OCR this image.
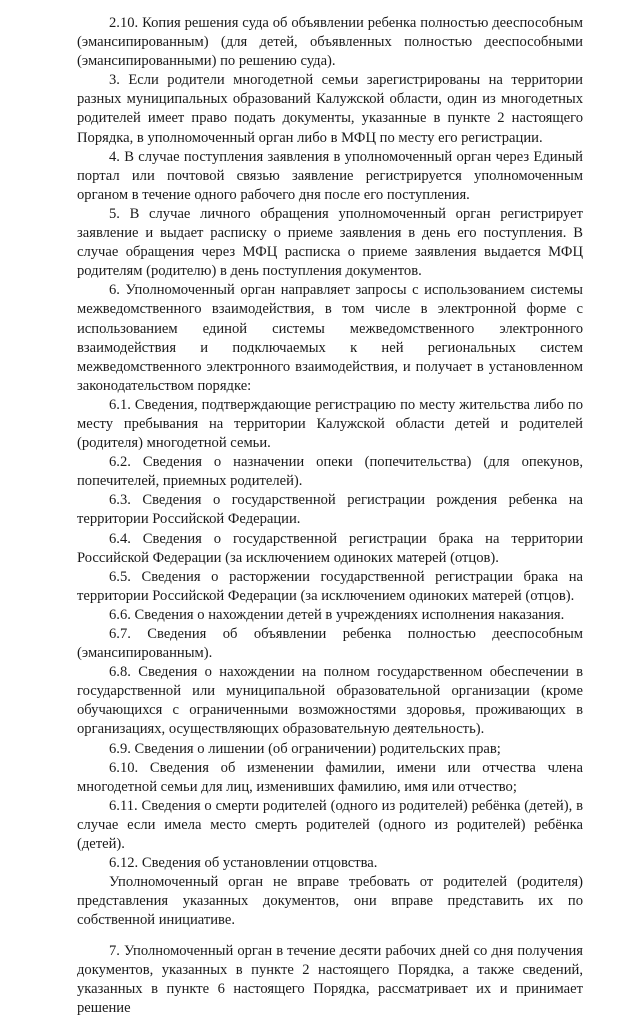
2.10. Копия решения суда об объявлении ребенка полностью дееспособным (эмансипированным) (для детей, объявленных полностью дееспособными (эмансипированными) по решению суда).

3. Если родители многодетной семьи зарегистрированы на территории разных муниципальных образований Калужской области, один из многодетных родителей имеет право подать документы, указанные в пункте 2 настоящего Порядка, в уполномоченный орган либо в МФЦ по месту его регистрации.

4. В случае поступления заявления в уполномоченный орган через Единый портал или почтовой связью заявление регистрируется уполномоченным органом в течение одного рабочего дня после его поступления.

5. В случае личного обращения уполномоченный орган регистрирует заявление и выдает расписку о приеме заявления в день его поступления. В случае обращения через МФЦ расписка о приеме заявления выдается МФЦ родителям (родителю) в день поступления документов.

6. Уполномоченный орган направляет запросы с использованием системы межведомственного взаимодействия, в том числе в электронной форме с использованием единой системы межведомственного электронного взаимодействия и подключаемых к ней региональных систем межведомственного электронного взаимодействия, и получает в установленном законодательством порядке:

6.1. Сведения, подтверждающие регистрацию по месту жительства либо по месту пребывания на территории Калужской области детей и родителей (родителя) многодетной семьи.

6.2. Сведения о назначении опеки (попечительства) (для опекунов, попечителей, приемных родителей).

6.3. Сведения о государственной регистрации рождения ребенка на территории Российской Федерации.

6.4. Сведения о государственной регистрации брака на территории Российской Федерации (за исключением одиноких матерей (отцов).

6.5. Сведения о расторжении государственной регистрации брака на территории Российской Федерации (за исключением одиноких матерей (отцов).

6.6. Сведения о нахождении детей в учреждениях исполнения наказания.

6.7. Сведения об объявлении ребенка полностью дееспособным (эмансипированным).

6.8. Сведения о нахождении на полном государственном обеспечении в государственной или муниципальной образовательной организации (кроме обучающихся с ограниченными возможностями здоровья, проживающих в организациях, осуществляющих образовательную деятельность).

6.9. Сведения о лишении (об ограничении) родительских прав;

6.10. Сведения об изменении фамилии, имени или отчества члена многодетной семьи для лиц, изменивших фамилию, имя или отчество;

6.11. Сведения о смерти родителей (одного из родителей) ребёнка (детей), в случае если имела место смерть родителей (одного из родителей) ребёнка (детей).

6.12. Сведения об установлении отцовства.

Уполномоченный орган не вправе требовать от родителей (родителя) представления указанных документов, они вправе представить их по собственной инициативе.

7. Уполномоченный орган в течение десяти рабочих дней со дня получения документов, указанных в пункте 2 настоящего Порядка, а также сведений, указанных в пункте 6 настоящего Порядка, рассматривает их и принимает решение
